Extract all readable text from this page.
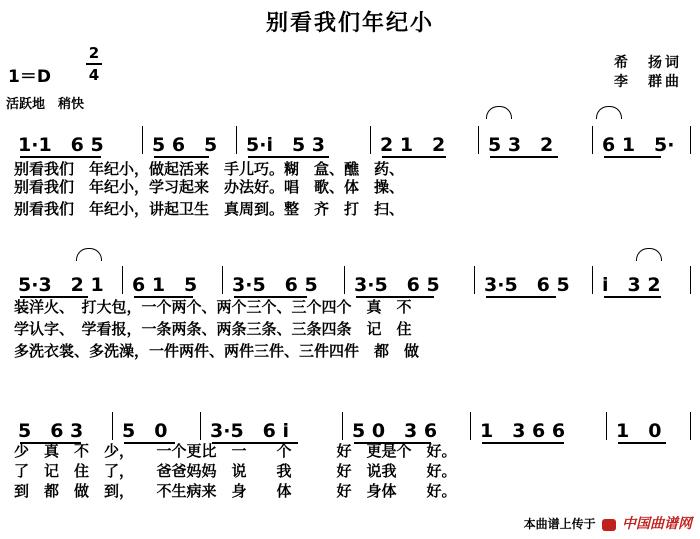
别看我们年纪小
1＝D
2
4
活跃地　稍快
希　扬词
李　群曲
1·1　6 5	5 6　5	5·i　5 3	2 1　2	5 3　2	6 1　5·
别看我们　年纪小，做起活来　手儿巧。糊　盒、醮　药、
别看我们　年纪小，学习起来　办法好。唱　歌、体　操、
别看我们　年纪小，讲起卫生　真周到。整　齐　打　扫、
5·3　2 1	6 1　5	3·5　6 5	3·5　6 5	3·5　6 5	i　3 2
装洋火、　打大包，一个两个、两个三个、三个四个　真　不
学认字、　学看报，一条两条、两条三条、三条四条　记　住
多洗衣裳、多洗澡，一件两件、两件三件、三件四件　都　做
5　6 3	5　0	3·5　6 i	5 0　3 6	1　3 6 6	1　0
少　真　不　少，　　一个更比　一　　个　　　好　更是个　好。
了　记　住　了，　　爸爸妈妈　说　　我　　　好　说我　　好。
到　都　做　到，　　不生病来　身　　体　　　好　身体　　好。
本曲谱上传于 中国曲谱网
